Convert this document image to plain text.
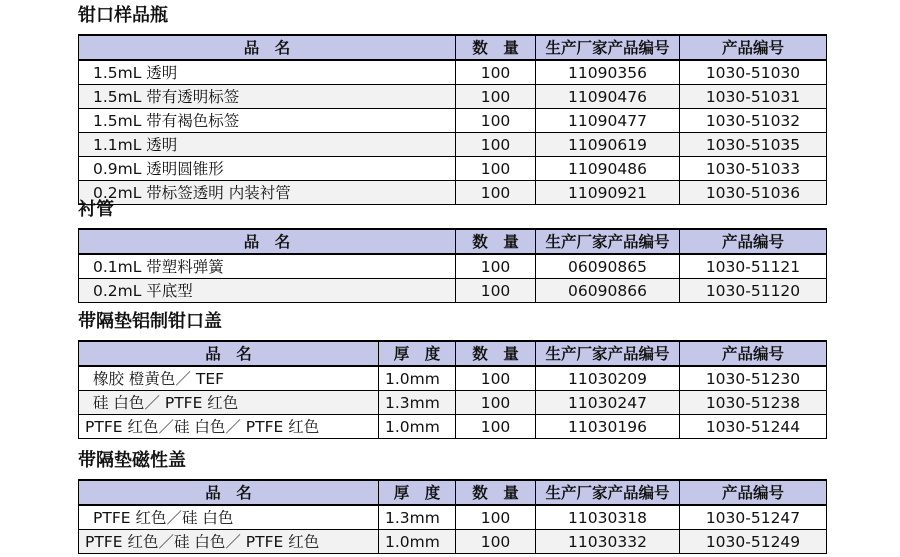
钳口样品瓶
品　名	数　量	生产厂家产品编号	产品编号
1.5mL 透明	100	11090356	1030-51030
1.5mL 带有透明标签	100	11090476	1030-51031
1.5mL 带有褐色标签	100	11090477	1030-51032
1.1mL 透明	100	11090619	1030-51035
0.9mL 透明圆锥形	100	11090486	1030-51033
0.2mL 带标签透明 内装衬管	100	11090921	1030-51036
衬管
品　名	数　量	生产厂家产品编号	产品编号
0.1mL 带塑料弹簧	100	06090865	1030-51121
0.2mL 平底型	100	06090866	1030-51120
带隔垫铝制钳口盖
品　名	厚　度	数　量	生产厂家产品编号	产品编号
橡胶 橙黄色／ TEF	1.0mm	100	11030209	1030-51230
硅 白色／ PTFE 红色	1.3mm	100	11030247	1030-51238
PTFE 红色／硅 白色／ PTFE 红色	1.0mm	100	11030196	1030-51244
带隔垫磁性盖
品　名	厚　度	数　量	生产厂家产品编号	产品编号
PTFE 红色／硅 白色	1.3mm	100	11030318	1030-51247
PTFE 红色／硅 白色／ PTFE 红色	1.0mm	100	11030332	1030-51249
